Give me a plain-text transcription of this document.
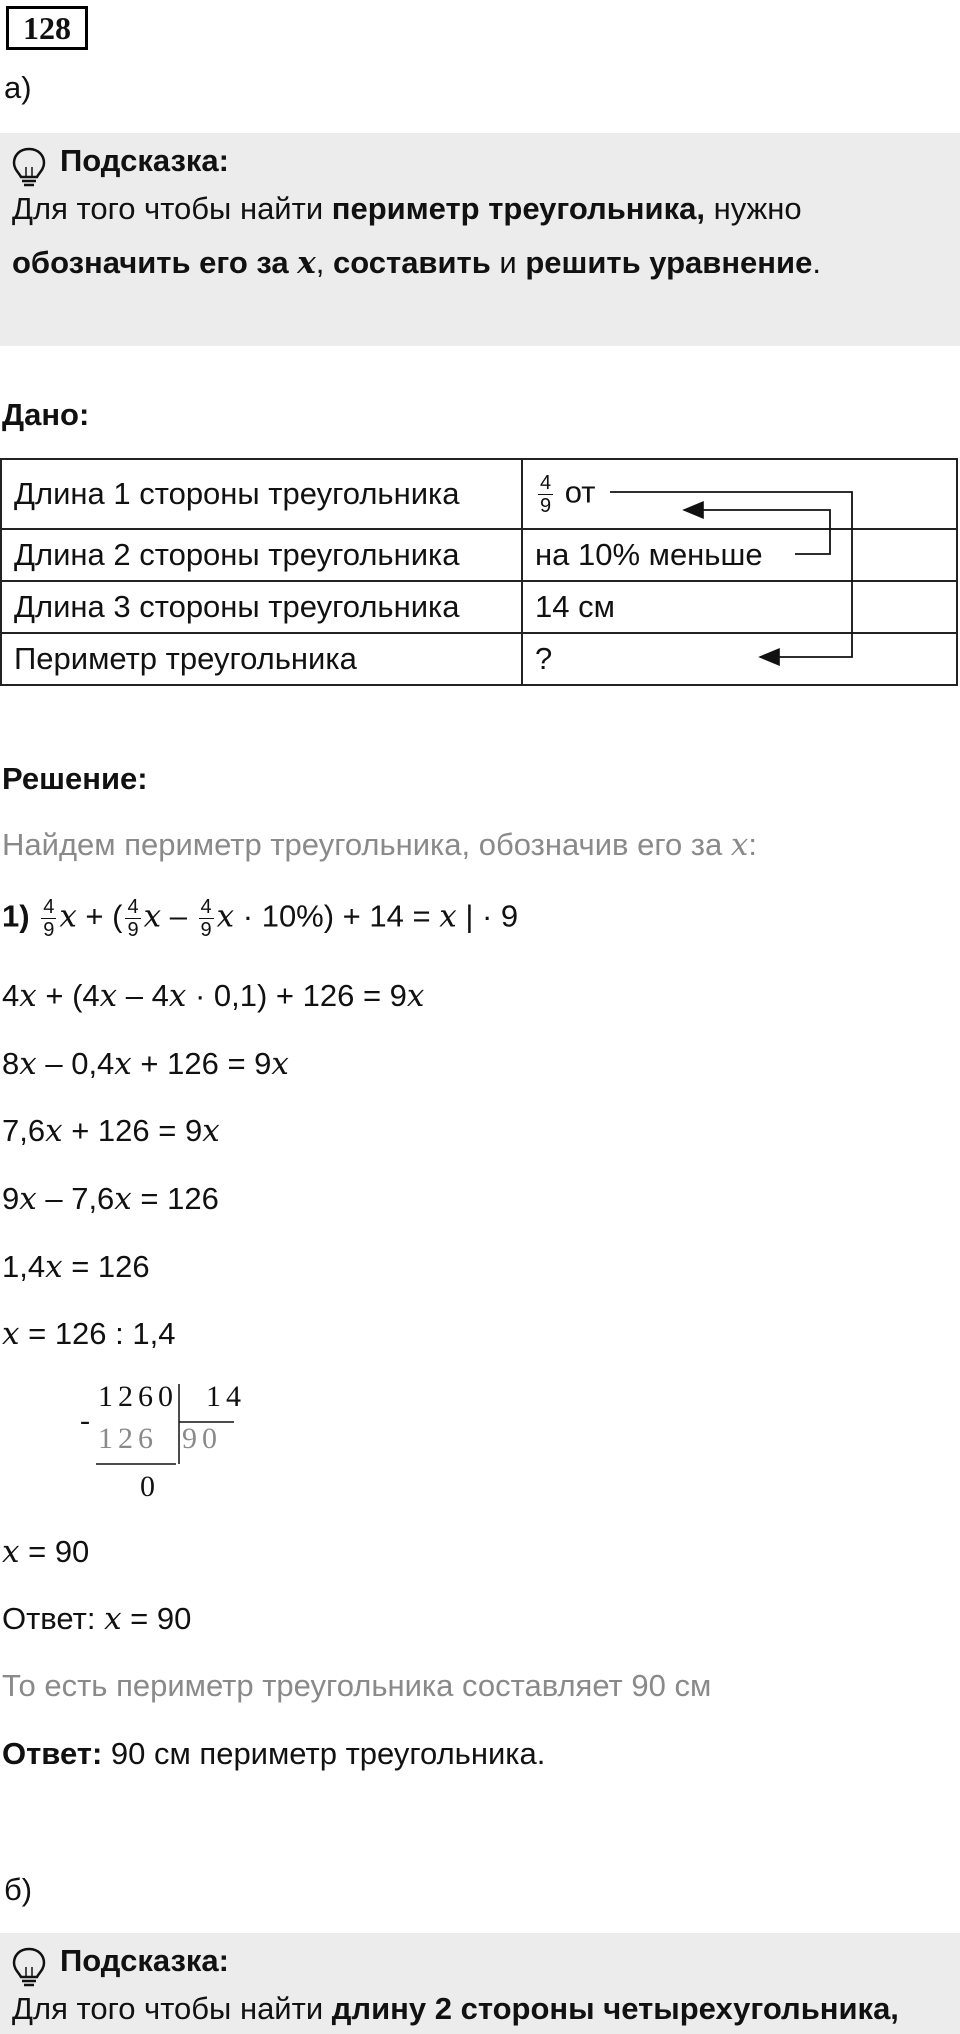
128
а)
Подсказка:
Для того чтобы найти периметр треугольника, нужно
обозначить его за x, составить и решить уравнение.
Дано:
Длина 1 стороны треугольника	$\frac{4}{9}$ от
Длина 2 стороны треугольника	на 10% меньше
Длина 3 стороны треугольника	14 см
Периметр треугольника	?
Решение:
Найдем периметр треугольника, обозначив его за x:
$1) \frac{4}{9}$ x + ( $\frac{4}{9}$ x – $\frac{4}{9}$ x · 10%) + 14 = x | · 9
4x + (4x – 4x · 0,1) + 126 = 9x
8x – 0,4x + 126 = 9x
7,6x + 126 = 9x
9x – 7,6x = 126
1,4x = 126
x = 126 : 1,4
1260 14
-
126 90
0
x = 90
Ответ: x = 90
То есть периметр треугольника составляет 90 см
Ответ: 90 см периметр треугольника.
б)
Подсказка:
Для того чтобы найти длину 2 стороны четырехугольника,
